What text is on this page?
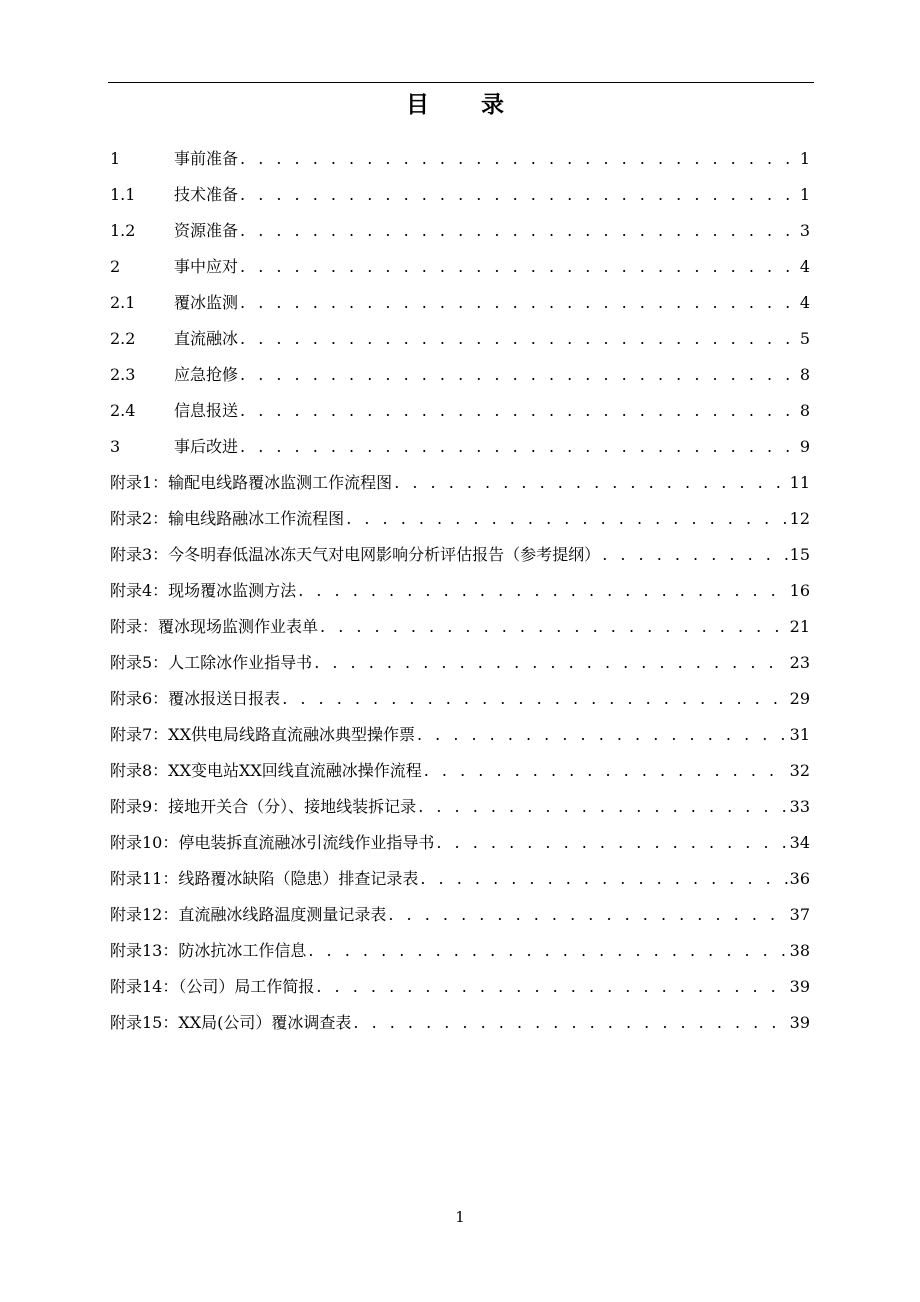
目 录
1	事前准备 . . .	1
1.1	技术准备 . . .	1
1.2	资源准备 . . .	3
2	事中应对 . . .	4
2.1	覆冰监测 . . .	4
2.2	直流融冰 . . .	5
2.3	应急抢修 . . .	8
2.4	信息报送 . . .	8
3	事后改进 . . .	9
附录1：输配电线路覆冰监测工作流程图 . . .	11
附录2：输电线路融冰工作流程图 . . .	12
附录3：今冬明春低温冰冻天气对电网影响分析评估报告（参考提纲） . . .	15
附录4：现场覆冰监测方法 . . .	16
附录：覆冰现场监测作业表单 . . .	21
附录5：人工除冰作业指导书 . . .	23
附录6：覆冰报送日报表 . . .	29
附录7：XX供电局线路直流融冰典型操作票 . . .	31
附录8：XX变电站XX回线直流融冰操作流程 . . .	32
附录9：接地开关合（分）、接地线装拆记录 . . .	33
附录10：停电装拆直流融冰引流线作业指导书 . . .	34
附录11：线路覆冰缺陷（隐患）排查记录表 . . .	36
附录12：直流融冰线路温度测量记录表 . . .	37
附录13：防冰抗冰工作信息 . . .	38
附录14：（公司）局工作简报 . . .	39
附录15：XX局(公司）覆冰调查表 . . .	39
1
